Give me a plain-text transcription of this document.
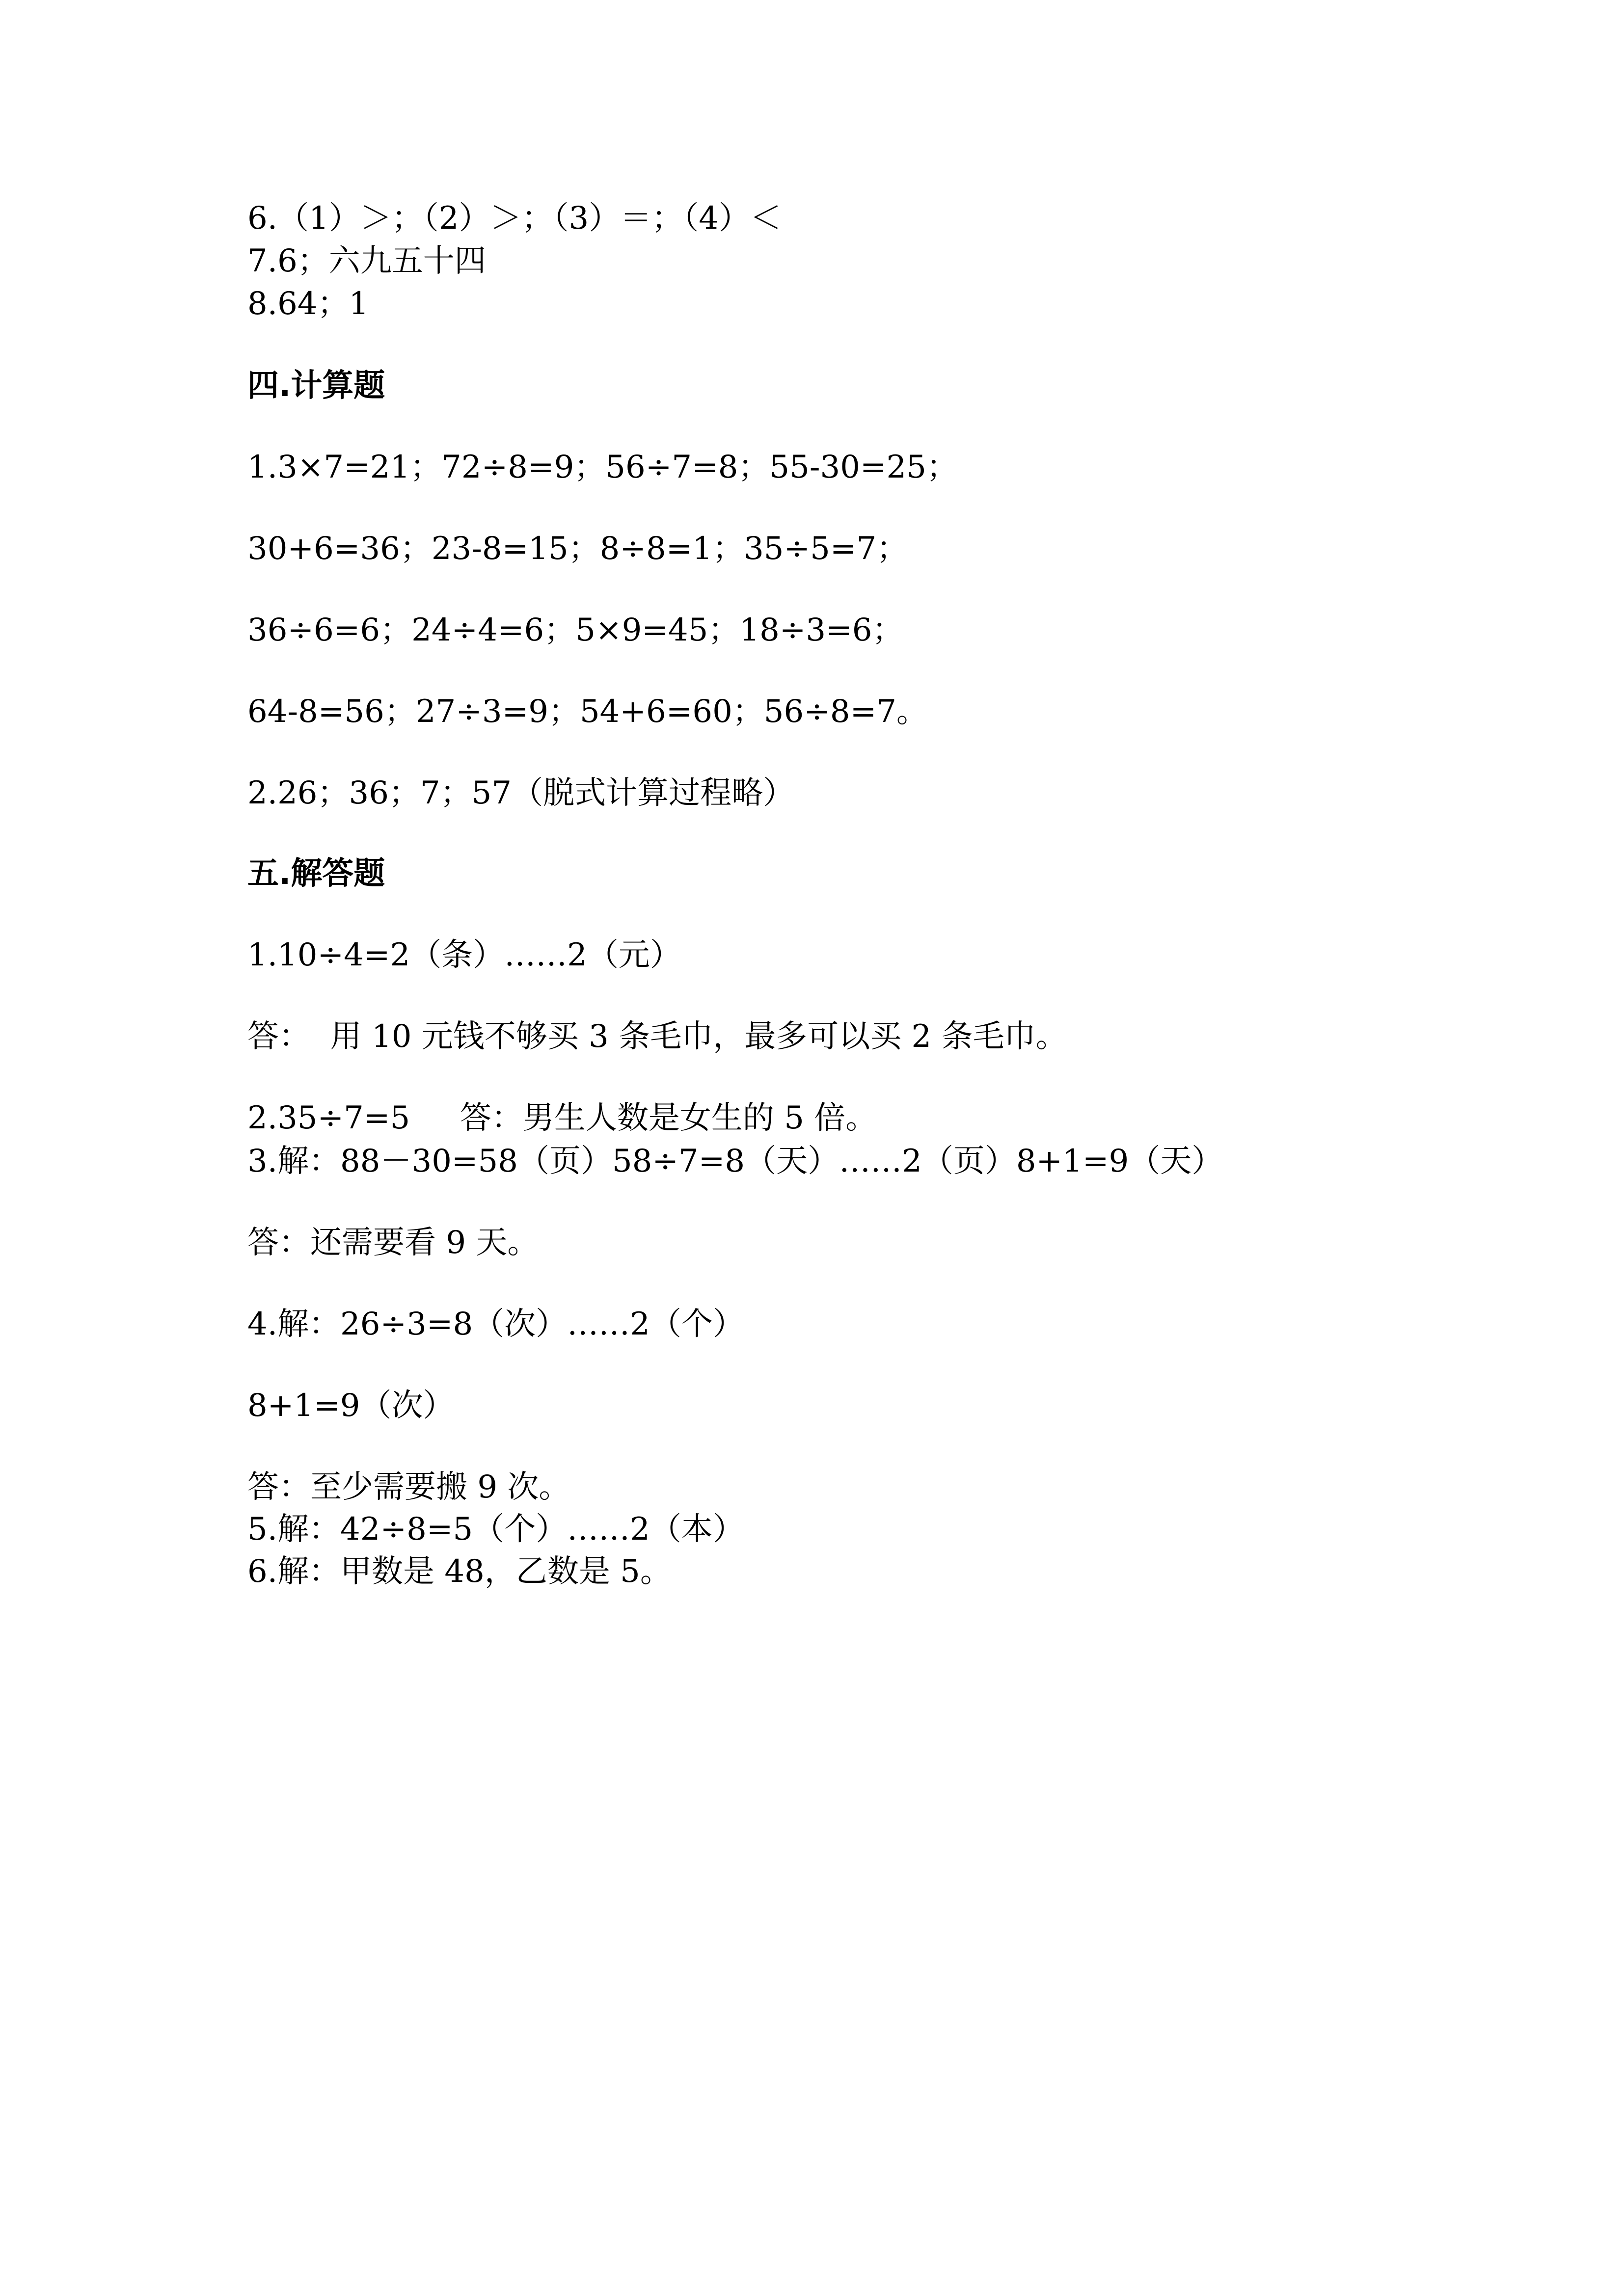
6.（1）＞；（2）＞；（3）＝；（4）＜
7.6；六九五十四
8.64；1
四.计算题
1.3×7=21；72÷8=9；56÷7=8；55-30=25；
30+6=36；23-8=15；8÷8=1；35÷5=7；
36÷6=6；24÷4=6；5×9=45；18÷3=6；
64-8=56；27÷3=9；54+6=60；56÷8=7。
2.26；36；7；57（脱式计算过程略）
五.解答题
1.10÷4=2（条）……2（元）
答：  用 10 元钱不够买 3 条毛巾，最多可以买 2 条毛巾。
2.35÷7=5     答：男生人数是女生的 5 倍。
3.解：88－30=58（页）58÷7=8（天）……2（页）8+1=9（天）
答：还需要看 9 天。
4.解：26÷3=8（次）……2（个）
8+1=9（次）
答：至少需要搬 9 次。
5.解：42÷8=5（个）……2（本）
6.解：甲数是 48，乙数是 5。
